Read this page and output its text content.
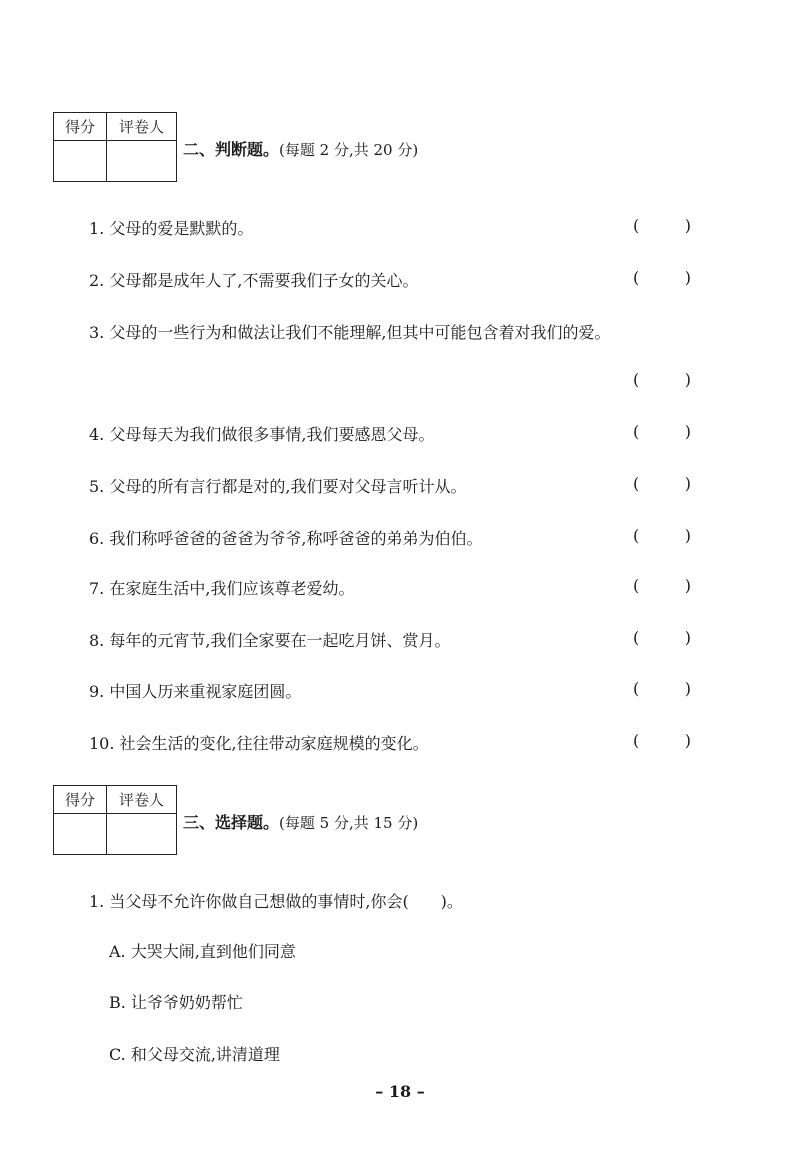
得分	评卷人
二、判断题。(每题 2 分,共 20 分)
1. 父母的爱是默默的。	(	)
2. 父母都是成年人了,不需要我们子女的关心。	(	)
3. 父母的一些行为和做法让我们不能理解,但其中可能包含着对我们的爱。
(	)
4. 父母每天为我们做很多事情,我们要感恩父母。	(	)
5. 父母的所有言行都是对的,我们要对父母言听计从。	(	)
6. 我们称呼爸爸的爸爸为爷爷,称呼爸爸的弟弟为伯伯。	(	)
7. 在家庭生活中,我们应该尊老爱幼。	(	)
8. 每年的元宵节,我们全家要在一起吃月饼、赏月。	(	)
9. 中国人历来重视家庭团圆。	(	)
10. 社会生活的变化,往往带动家庭规模的变化。	(	)
得分	评卷人
三、选择题。(每题 5 分,共 15 分)
1. 当父母不允许你做自己想做的事情时,你会(　　)。
A. 大哭大闹,直到他们同意
B. 让爷爷奶奶帮忙
C. 和父母交流,讲清道理
– 18 –
